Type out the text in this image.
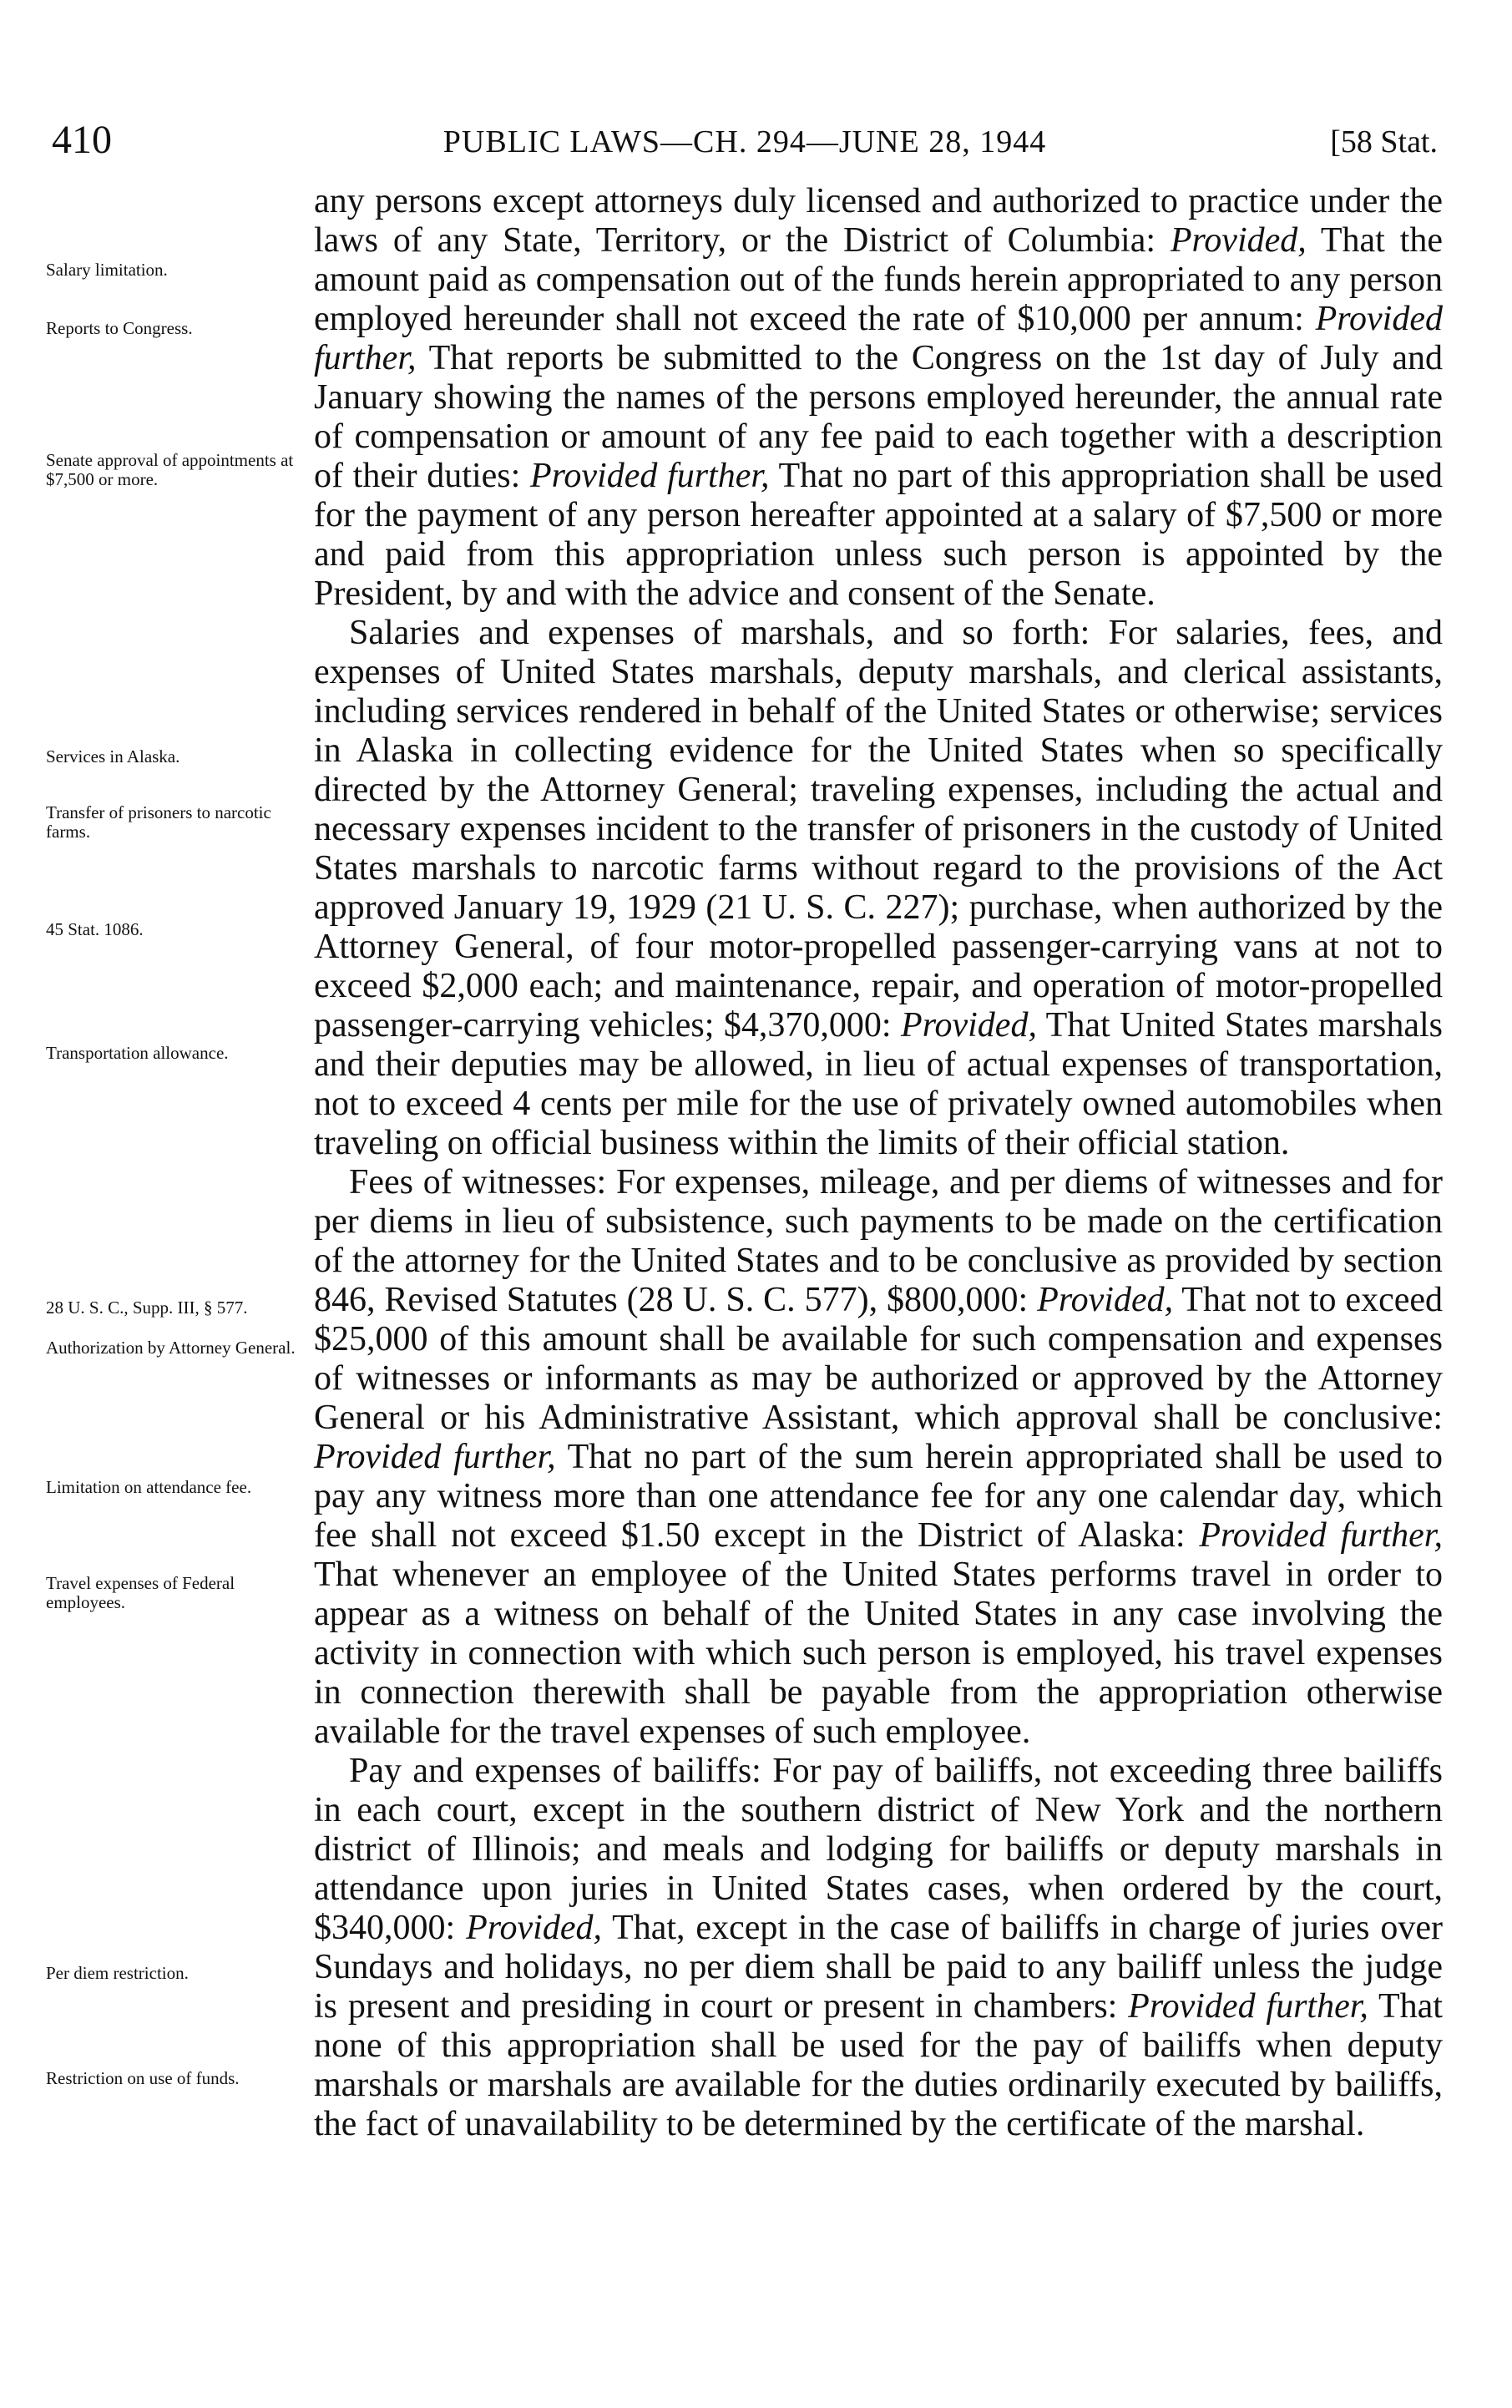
410	PUBLIC LAWS—CH. 294—JUNE 28, 1944	[58 Stat.
Salary limitation.
Reports to Congress.
Senate approval of appointments at $7,500 or more.
Services in Alaska.
Transfer of prisoners to narcotic farms.
45 Stat. 1086.
Transportation allowance.
28 U. S. C., Supp. III, § 577.
Authorization by Attorney General.
Limitation on attendance fee.
Travel expenses of Federal employees.
Per diem restriction.
Restriction on use of funds.

any persons except attorneys duly licensed and authorized to practice under the laws of any State, Territory, or the District of Columbia: Provided, That the amount paid as compensation out of the funds herein appropriated to any person employed hereunder shall not exceed the rate of $10,000 per annum: Provided further, That reports be submitted to the Congress on the 1st day of July and January showing the names of the persons employed hereunder, the annual rate of compensation or amount of any fee paid to each together with a description of their duties: Provided further, That no part of this appropriation shall be used for the payment of any person hereafter appointed at a salary of $7,500 or more and paid from this appropriation unless such person is appointed by the President, by and with the advice and consent of the Senate.

Salaries and expenses of marshals, and so forth: For salaries, fees, and expenses of United States marshals, deputy marshals, and clerical assistants, including services rendered in behalf of the United States or otherwise; services in Alaska in collecting evidence for the United States when so specifically directed by the Attorney General; traveling expenses, including the actual and necessary expenses incident to the transfer of prisoners in the custody of United States marshals to narcotic farms without regard to the provisions of the Act approved January 19, 1929 (21 U. S. C. 227); purchase, when authorized by the Attorney General, of four motor-propelled passenger-carrying vans at not to exceed $2,000 each; and maintenance, repair, and operation of motor-propelled passenger-carrying vehicles; $4,370,000: Provided, That United States marshals and their deputies may be allowed, in lieu of actual expenses of transportation, not to exceed 4 cents per mile for the use of privately owned automobiles when traveling on official business within the limits of their official station.

Fees of witnesses: For expenses, mileage, and per diems of witnesses and for per diems in lieu of subsistence, such payments to be made on the certification of the attorney for the United States and to be conclusive as provided by section 846, Revised Statutes (28 U. S. C. 577), $800,000: Provided, That not to exceed $25,000 of this amount shall be available for such compensation and expenses of witnesses or informants as may be authorized or approved by the Attorney General or his Administrative Assistant, which approval shall be conclusive: Provided further, That no part of the sum herein appropriated shall be used to pay any witness more than one attendance fee for any one calendar day, which fee shall not exceed $1.50 except in the District of Alaska: Provided further, That whenever an employee of the United States performs travel in order to appear as a witness on behalf of the United States in any case involving the activity in connection with which such person is employed, his travel expenses in connection therewith shall be payable from the appropriation otherwise available for the travel expenses of such employee.

Pay and expenses of bailiffs: For pay of bailiffs, not exceeding three bailiffs in each court, except in the southern district of New York and the northern district of Illinois; and meals and lodging for bailiffs or deputy marshals in attendance upon juries in United States cases, when ordered by the court, $340,000: Provided, That, except in the case of bailiffs in charge of juries over Sundays and holidays, no per diem shall be paid to any bailiff unless the judge is present and presiding in court or present in chambers: Provided further, That none of this appropriation shall be used for the pay of bailiffs when deputy marshals or marshals are available for the duties ordinarily executed by bailiffs, the fact of unavailability to be determined by the certificate of the marshal.
